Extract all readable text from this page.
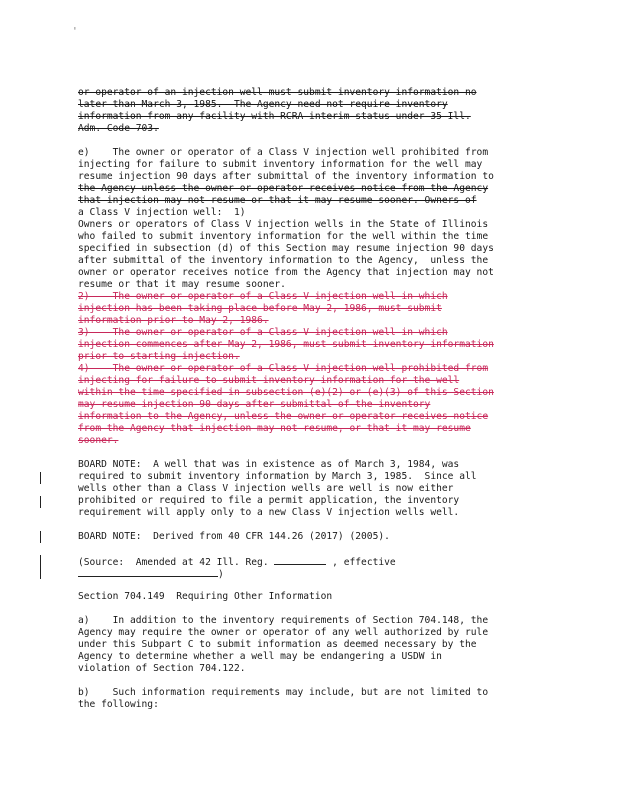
'
or operator of an injection well must submit inventory information no
later than March 3, 1985.  The Agency need not require inventory
information from any facility with RCRA interim status under 35 Ill.
Adm. Code 703.
e)    The owner or operator of a Class V injection well prohibited from
injecting for failure to submit inventory information for the well may
resume injection 90 days after submittal of the inventory information to
the Agency unless the owner or operator receives notice from the Agency
that injection may not resume or that it may resume sooner. Owners of
a Class V injection well:  1)
Owners or operators of Class V injection wells in the State of Illinois
who failed to submit inventory information for the well within the time
specified in subsection (d) of this Section may resume injection 90 days
after submittal of the inventory information to the Agency,  unless the
owner or operator receives notice from the Agency that injection may not
resume or that it may resume sooner.
2)    The owner or operator of a Class V injection well in which
injection has been taking place before May 2, 1986, must submit
information prior to May 2, 1986.
3)    The owner or operator of a Class V injection well in which
injection commences after May 2, 1986, must submit inventory information
prior to starting injection.
4)    The owner or operator of a Class V injection well prohibited from
injecting for failure to submit inventory information for the well
within the time specified in subsection (e)(2) or (e)(3) of this Section
may resume injection 90 days after submittal of the inventory
information to the Agency, unless the owner or operator receives notice
from the Agency that injection may not resume, or that it may resume
sooner.
BOARD NOTE:  A well that was in existence as of March 3, 1984, was
required to submit inventory information by March 3, 1985.  Since all
wells other than a Class V injection wells are well is now either
prohibited or required to file a permit application, the inventory
requirement will apply only to a new Class V injection wells well.
BOARD NOTE:  Derived from 40 CFR 144.26 (2017) (2005).
(Source:  Amended at 42 Ill. Reg.	, effective
)
Section 704.149  Requiring Other Information
a)    In addition to the inventory requirements of Section 704.148, the
Agency may require the owner or operator of any well authorized by rule
under this Subpart C to submit information as deemed necessary by the
Agency to determine whether a well may be endangering a USDW in
violation of Section 704.122.
b)    Such information requirements may include, but are not limited to
the following:
